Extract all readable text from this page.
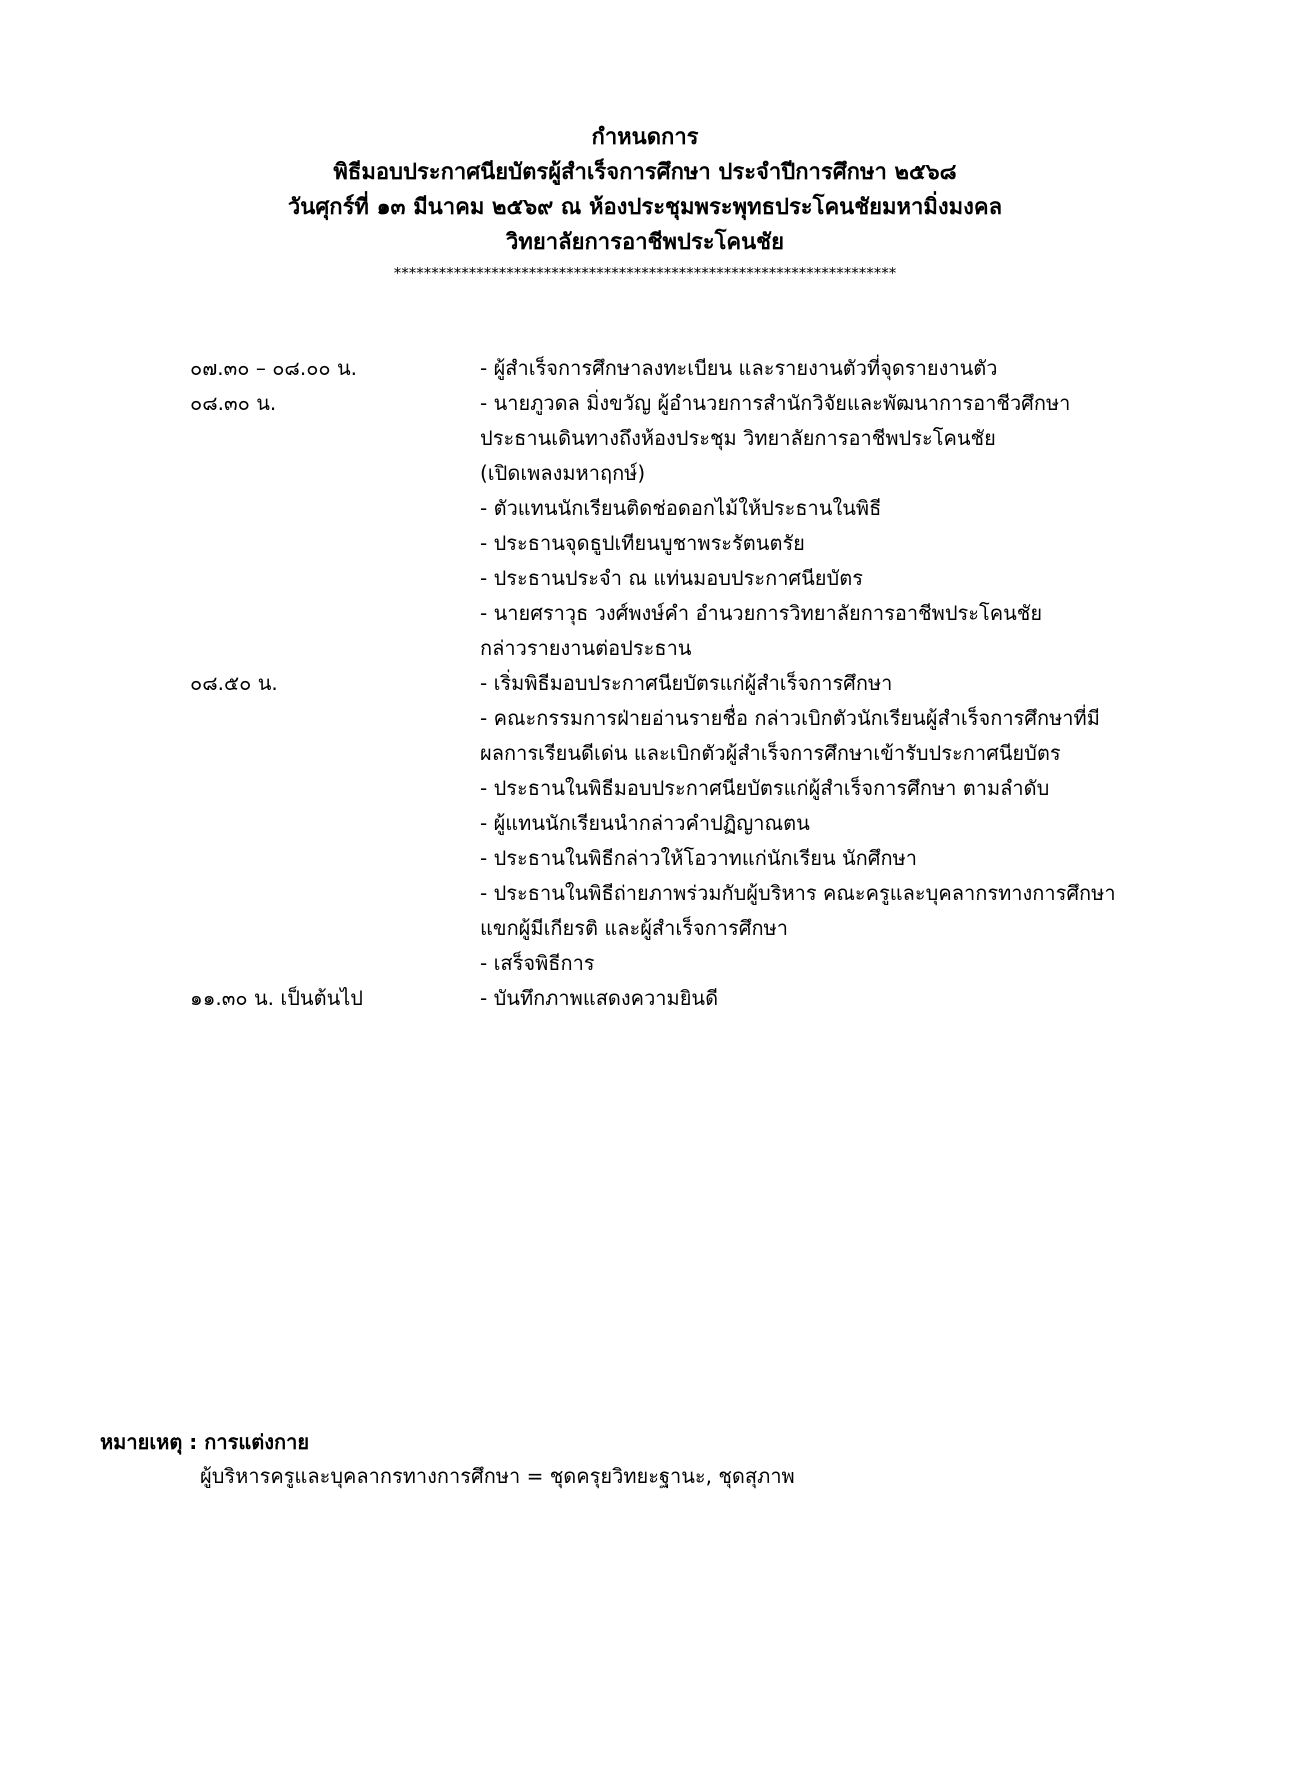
กำหนดการ
พิธีมอบประกาศนียบัตรผู้สำเร็จการศึกษา ประจำปีการศึกษา ๒๕๖๘
วันศุกร์ที่ ๑๓ มีนาคม ๒๕๖๙ ณ ห้องประชุมพระพุทธประโคนชัยมหามิ่งมงคล
วิทยาลัยการอาชีพประโคนชัย
*******************************************************************
๐๗.๓๐ – ๐๘.๐๐ น.	- ผู้สำเร็จการศึกษาลงทะเบียน และรายงานตัวที่จุดรายงานตัว
๐๘.๓๐ น.	- นายภูวดล มิ่งขวัญ ผู้อำนวยการสำนักวิจัยและพัฒนาการอาชีวศึกษา
ประธานเดินทางถึงห้องประชุม วิทยาลัยการอาชีพประโคนชัย
(เปิดเพลงมหาฤกษ์)
- ตัวแทนนักเรียนติดช่อดอกไม้ให้ประธานในพิธี
- ประธานจุดธูปเทียนบูชาพระรัตนตรัย
- ประธานประจำ ณ แท่นมอบประกาศนียบัตร
- นายศราวุธ วงศ์พงษ์คำ อำนวยการวิทยาลัยการอาชีพประโคนชัย
กล่าวรายงานต่อประธาน
๐๘.๕๐ น.	- เริ่มพิธีมอบประกาศนียบัตรแก่ผู้สำเร็จการศึกษา
- คณะกรรมการฝ่ายอ่านรายชื่อ กล่าวเบิกตัวนักเรียนผู้สำเร็จการศึกษาที่มี
ผลการเรียนดีเด่น และเบิกตัวผู้สำเร็จการศึกษาเข้ารับประกาศนียบัตร
- ประธานในพิธีมอบประกาศนียบัตรแก่ผู้สำเร็จการศึกษา ตามลำดับ
- ผู้แทนนักเรียนนำกล่าวคำปฏิญาณตน
- ประธานในพิธีกล่าวให้โอวาทแก่นักเรียน นักศึกษา
- ประธานในพิธีถ่ายภาพร่วมกับผู้บริหาร คณะครูและบุคลากรทางการศึกษา
แขกผู้มีเกียรติ และผู้สำเร็จการศึกษา
- เสร็จพิธีการ
๑๑.๓๐ น. เป็นต้นไป	- บันทึกภาพแสดงความยินดี
หมายเหตุ : การแต่งกาย
ผู้บริหารครูและบุคลากรทางการศึกษา = ชุดครุยวิทยะฐานะ, ชุดสุภาพ
